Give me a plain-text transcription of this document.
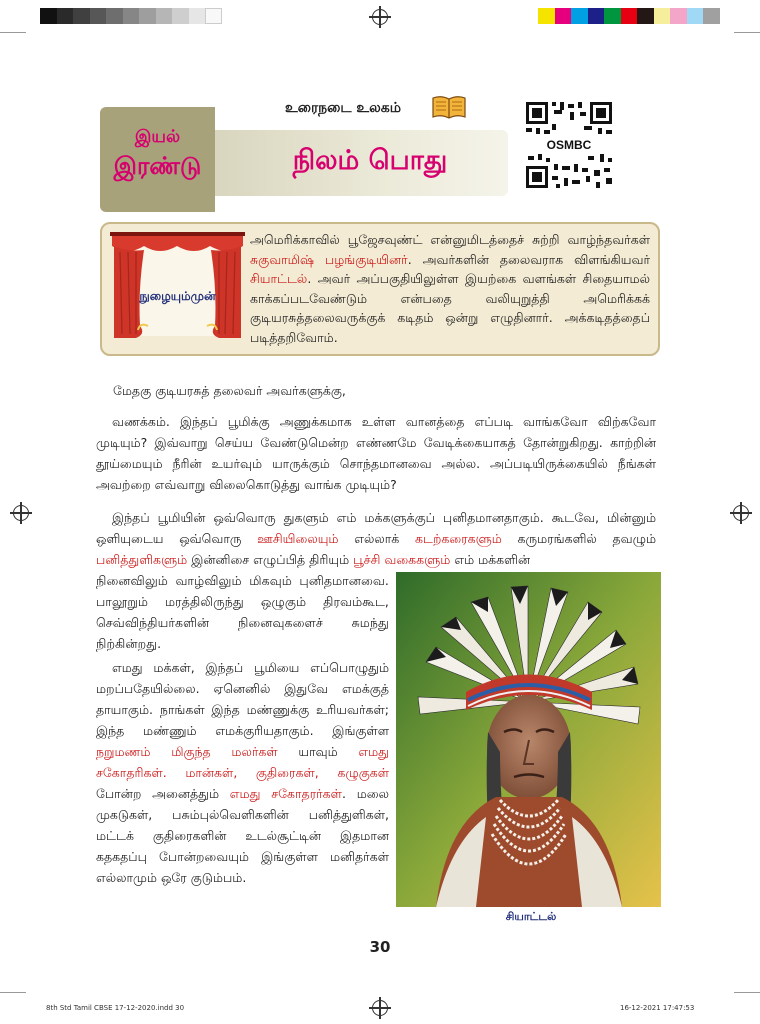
உரைநடை உலகம்
இயல்
இரண்டு	நிலம் பொது	OSMBC
நுழையும்முன்
அமெரிக்காவில் பூஜேசவுண்ட் என்னுமிடத்தைச் சுற்றி வாழ்ந்தவர்கள் சுகுவாமிஷ் பழங்குடியினர். அவர்களின் தலைவராக விளங்கியவர் சியாட்டல். அவர் அப்பகுதியிலுள்ள இயற்கை வளங்கள் சிதையாமல் காக்கப்படவேண்டும் என்பதை வலியுறுத்தி அமெரிக்கக் குடியரசுத்தலைவருக்குக் கடிதம் ஒன்று எழுதினார். அக்கடிதத்தைப் படித்தறிவோம்.
மேதகு குடியரசுத் தலைவர் அவர்களுக்கு,
வணக்கம். இந்தப் பூமிக்கு அணுக்கமாக உள்ள வானத்தை எப்படி வாங்கவோ விற்கவோ முடியும்? இவ்வாறு செய்ய வேண்டுமென்ற எண்ணமே வேடிக்கையாகத் தோன்றுகிறது. காற்றின் தூய்மையும் நீரின் உயர்வும் யாருக்கும் சொந்தமானவை அல்ல. அப்படியிருக்கையில் நீங்கள் அவற்றை எவ்வாறு விலைகொடுத்து வாங்க முடியும்?
இந்தப் பூமியின் ஒவ்வொரு துகளும் எம் மக்களுக்குப் புனிதமானதாகும். கூடவே, மின்னும் ஒளியுடைய ஒவ்வொரு ஊசியிலையும் எல்லாக் கடற்கரைகளும் கருமரங்களில் தவழும் பனித்துளிகளும் இன்னிசை எழுப்பித் திரியும் பூச்சி வகைகளும் எம் மக்களின்
நினைவிலும் வாழ்விலும் மிகவும் புனிதமானவை. பாலூறும் மரத்திலிருந்து ஒழுகும் திரவம்கூட, செவ்விந்தியர்களின் நினைவுகளைச் சுமந்து நிற்கின்றது.
எமது மக்கள், இந்தப் பூமியை எப்பொழுதும் மறப்பதேயில்லை. ஏனெனில் இதுவே எமக்குத் தாயாகும். நாங்கள் இந்த மண்ணுக்கு உரியவர்கள்; இந்த மண்ணும் எமக்குரியதாகும். இங்குள்ள நறுமணம் மிகுந்த மலர்கள் யாவும் எமது சகோதரிகள். மான்கள், குதிரைகள், கழுகுகள் போன்ற அனைத்தும் எமது சகோதரர்கள். மலை முகடுகள், பசும்புல்வெளிகளின் பனித்துளிகள், மட்டக் குதிரைகளின் உடல்சூட்டின் இதமான கதகதப்பு போன்றவையும் இங்குள்ள மனிதர்கள் எல்லாமும் ஒரே குடும்பம்.
சியாட்டல்
30
8th Std Tamil CBSE 17-12-2020.indd 30	16-12-2021 17:47:53
